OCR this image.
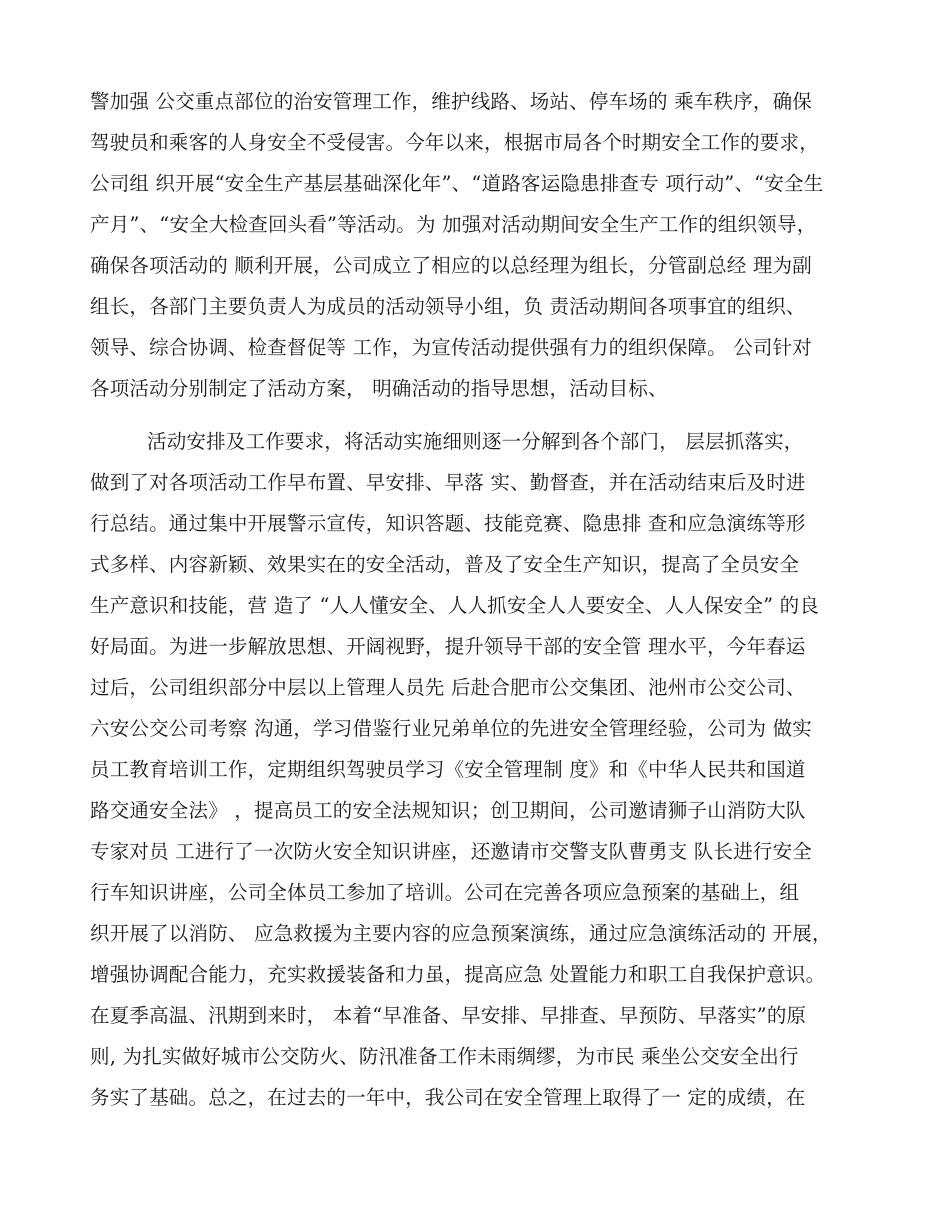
警加强 公交重点部位的治安管理工作，维护线路、场站、停车场的 乘车秩序，确保

驾驶员和乘客的人身安全不受侵害。今年以来，根据市局各个时期安全工作的要求，

公司组 织开展“安全生产基层基础深化年”、“道路客运隐患排查专 项行动”、“安全生

产月”、“安全大检查回头看”等活动。为 加强对活动期间安全生产工作的组织领导，

确保各项活动的 顺利开展，公司成立了相应的以总经理为组长，分管副总经 理为副

组长，各部门主要负责人为成员的活动领导小组，负 责活动期间各项事宜的组织、

领导、综合协调、检查督促等 工作，为宣传活动提供强有力的组织保障。 公司针对

各项活动分别制定了活动方案， 明确活动的指导思想，活动目标、

活动安排及工作要求，将活动实施细则逐一分解到各个部门， 层层抓落实，

做到了对各项活动工作早布置、早安排、早落 实、勤督查，并在活动结束后及时进

行总结。通过集中开展警示宣传，知识答题、技能竞赛、隐患排 查和应急演练等形

式多样、内容新颖、效果实在的安全活动，普及了安全生产知识，提高了全员安全

生产意识和技能，营 造了 “人人懂安全、人人抓安全人人要安全、人人保安全” 的良

好局面。为进一步解放思想、开阔视野，提升领导干部的安全管 理水平，今年春运

过后，公司组织部分中层以上管理人员先 后赴合肥市公交集团、池州市公交公司、

六安公交公司考察 沟通，学习借鉴行业兄弟单位的先进安全管理经验，公司为 做实

员工教育培训工作，定期组织驾驶员学习《安全管理制 度》和《中华人民共和国道

路交通安全法》 ，提高员工的安全法规知识；创卫期间，公司邀请狮子山消防大队

专家对员 工进行了一次防火安全知识讲座，还邀请市交警支队曹勇支 队长进行安全

行车知识讲座，公司全体员工参加了培训。公司在完善各项应急预案的基础上，组

织开展了以消防、 应急救援为主要内容的应急预案演练，通过应急演练活动的 开展，

增强协调配合能力，充实救援装备和力虽，提高应急 处置能力和职工自我保护意识。

在夏季高温、汛期到来时， 本着“早准备、早安排、早排查、早预防、早落实”的原

则, 为扎实做好城市公交防火、防汛准备工作未雨绸缪，为市民 乘坐公交安全出行

务实了基础。总之，在过去的一年中，我公司在安全管理上取得了一 定的成绩，在
